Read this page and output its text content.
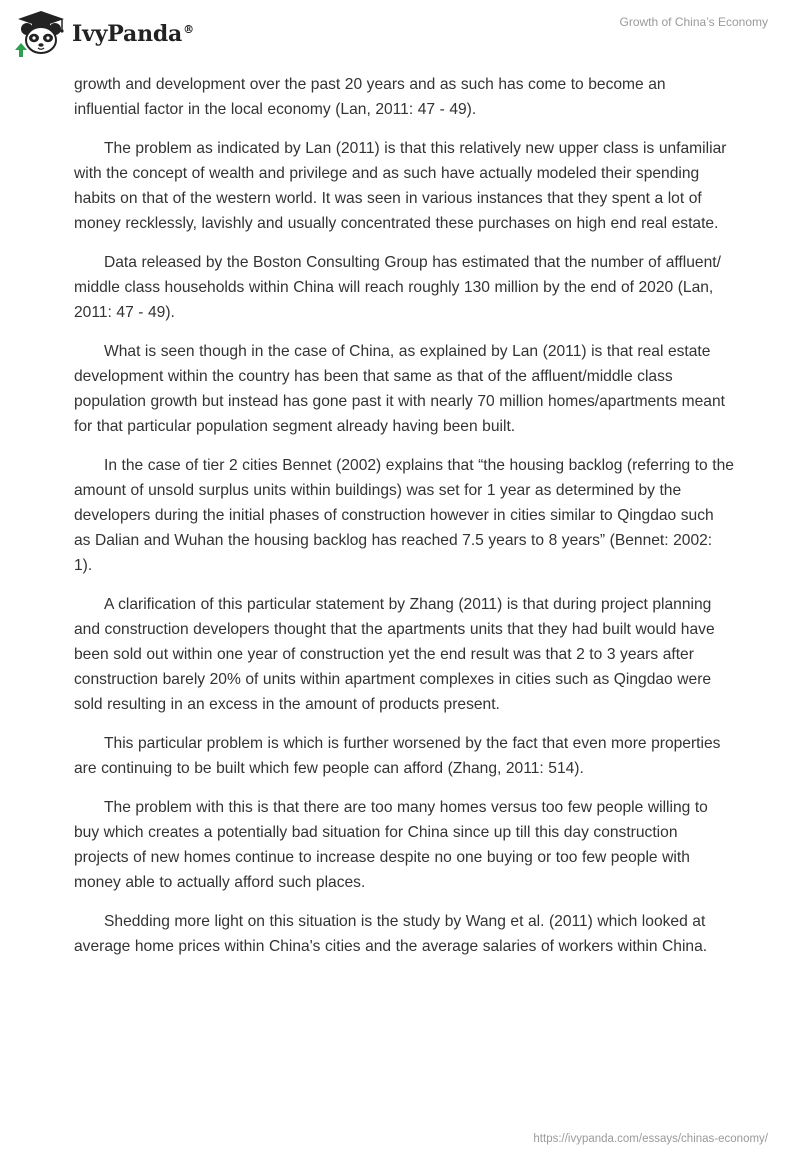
IvyPanda®
Growth of China’s Economy

growth and development over the past 20 years and as such has come to become an influential factor in the local economy (Lan, 2011: 47 - 49).

The problem as indicated by Lan (2011) is that this relatively new upper class is unfamiliar with the concept of wealth and privilege and as such have actually modeled their spending habits on that of the western world. It was seen in various instances that they spent a lot of money recklessly, lavishly and usually concentrated these purchases on high end real estate.

Data released by the Boston Consulting Group has estimated that the number of affluent/ middle class households within China will reach roughly 130 million by the end of 2020 (Lan, 2011: 47 - 49).

What is seen though in the case of China, as explained by Lan (2011) is that real estate development within the country has been that same as that of the affluent/middle class population growth but instead has gone past it with nearly 70 million homes/apartments meant for that particular population segment already having been built.

In the case of tier 2 cities Bennet (2002) explains that “the housing backlog (referring to the amount of unsold surplus units within buildings) was set for 1 year as determined by the developers during the initial phases of construction however in cities similar to Qingdao such as Dalian and Wuhan the housing backlog has reached 7.5 years to 8 years” (Bennet: 2002: 1).

A clarification of this particular statement by Zhang (2011) is that during project planning and construction developers thought that the apartments units that they had built would have been sold out within one year of construction yet the end result was that 2 to 3 years after construction barely 20% of units within apartment complexes in cities such as Qingdao were sold resulting in an excess in the amount of products present.

This particular problem is which is further worsened by the fact that even more properties are continuing to be built which few people can afford (Zhang, 2011: 514).

The problem with this is that there are too many homes versus too few people willing to buy which creates a potentially bad situation for China since up till this day construction projects of new homes continue to increase despite no one buying or too few people with money able to actually afford such places.

Shedding more light on this situation is the study by Wang et al. (2011) which looked at average home prices within China's cities and the average salaries of workers within China.

https://ivypanda.com/essays/chinas-economy/
